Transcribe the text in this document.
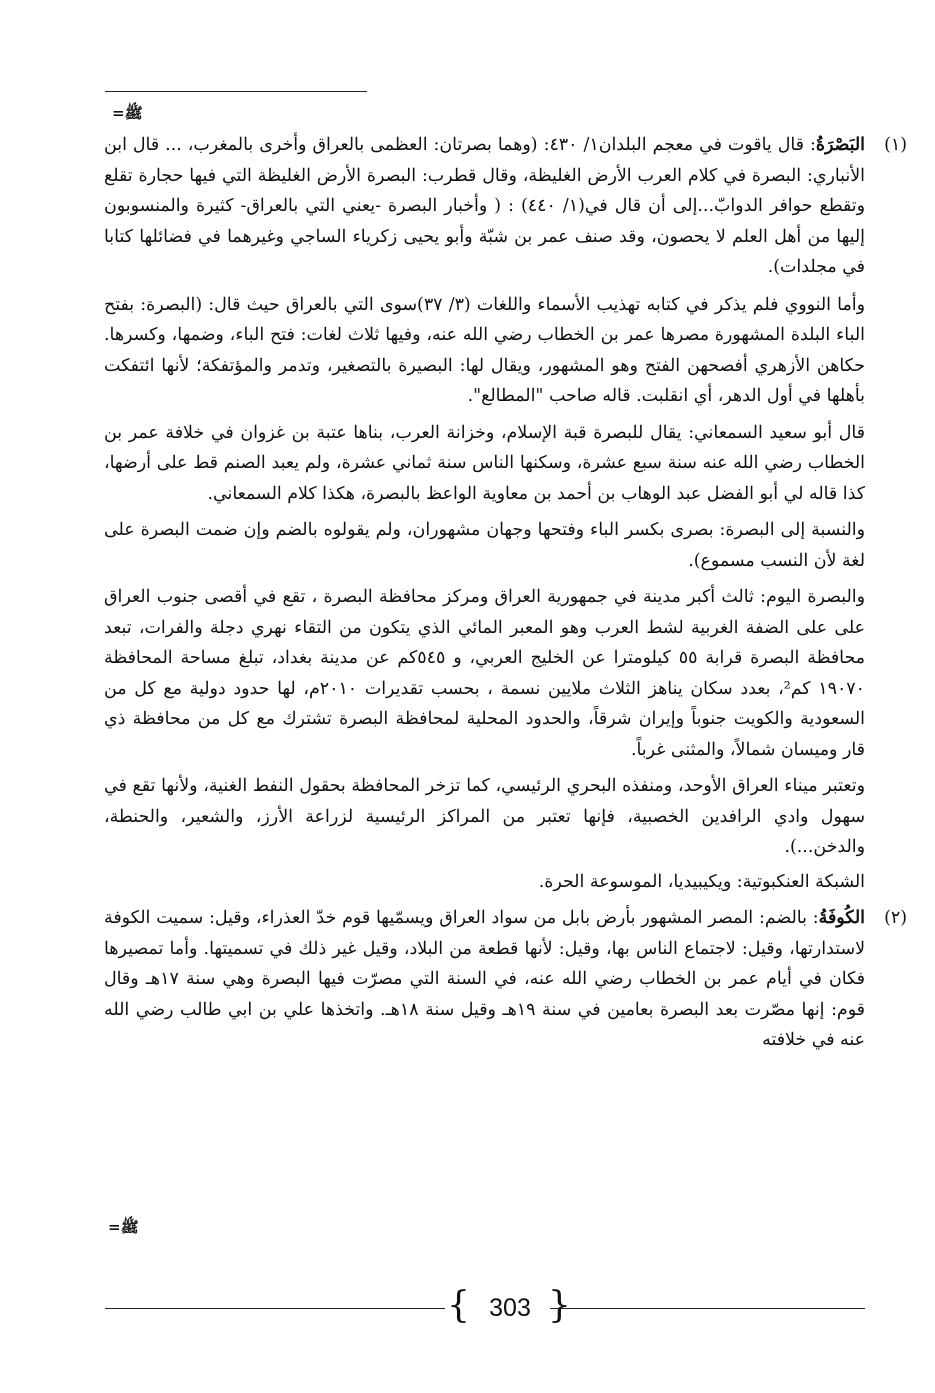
=ﷺ

(١)
البَصْرَةُ: قال ياقوت في معجم البلدان١/ ٤٣٠: (وهما بصرتان: العظمى بالعراق وأخرى بالمغرب، ... قال ابن الأنباري: البصرة في كلام العرب الأرض الغليظة، وقال قطرب: البصرة الأرض الغليظة التي فيها حجارة تقلع وتقطع حوافر الدوابّ...إلى أن قال في(١/ ٤٤٠) : ( وأخبار البصرة -يعني التي بالعراق- كثيرة والمنسوبون إليها من أهل العلم لا يحصون، وقد صنف عمر بن شبّة وأبو يحيى زكرياء الساجي وغيرهما في فضائلها كتابا في مجلدات).

وأما النووي فلم يذكر في كتابه تهذيب الأسماء واللغات (٣/ ٣٧)سوى التي بالعراق حيث قال: (البصرة: بفتح الباء البلدة المشهورة مصرها عمر بن الخطاب رضي الله عنه، وفيها ثلاث لغات: فتح الباء، وضمها، وكسرها. حكاهن الأزهري أفصحهن الفتح وهو المشهور، ويقال لها: البصيرة بالتصغير، وتدمر والمؤتفكة؛ لأنها ائتفكت بأهلها في أول الدهر، أي انقلبت. قاله صاحب "المطالع".

قال أبو سعيد السمعاني: يقال للبصرة قبة الإسلام، وخزانة العرب، بناها عتبة بن غزوان في خلافة عمر بن الخطاب رضي الله عنه سنة سبع عشرة، وسكنها الناس سنة ثماني عشرة، ولم يعبد الصنم قط على أرضها، كذا قاله لي أبو الفضل عبد الوهاب بن أحمد بن معاوية الواعظ بالبصرة، هكذا كلام السمعاني.

والنسبة إلى البصرة: بصرى بكسر الباء وفتحها وجهان مشهوران، ولم يقولوه بالضم وإن ضمت البصرة على لغة لأن النسب مسموع).

والبصرة اليوم: ثالث أكبر مدينة في جمهورية العراق ومركز محافظة البصرة ، تقع في أقصى جنوب العراق على على الضفة الغربية لشط العرب وهو المعبر المائي الذي يتكون من التقاء نهري دجلة والفرات، تبعد محافظة البصرة قرابة ٥٥ كيلومترا عن الخليج العربي، و ٥٤٥كم عن مدينة بغداد، تبلغ مساحة المحافظة ١٩٠٧٠ كم²، بعدد سكان يناهز الثلاث ملايين نسمة ، بحسب تقديرات ٢٠١٠م، لها حدود دولية مع كل من السعودية والكويت جنوباً وإيران شرقاً، والحدود المحلية لمحافظة البصرة تشترك مع كل من محافظة ذي قار وميسان شمالاً، والمثنى غرباً.

وتعتبر ميناء العراق الأوحد، ومنفذه البحري الرئيسي، كما تزخر المحافظة بحقول النفط الغنية، ولأنها تقع في سهول وادي الرافدين الخصبية، فإنها تعتبر من المراكز الرئيسية لزراعة الأرز، والشعير، والحنطة، والدخن...).

الشبكة العنكبوتية: ويكيبيديا، الموسوعة الحرة.

(٢)
الكُوفَةُ: بالضم: المصر المشهور بأرض بابل من سواد العراق ويسمّيها قوم خدّ العذراء، وقيل: سميت الكوفة لاستدارتها، وقيل: لاجتماع الناس بها، وقيل: لأنها قطعة من البلاد، وقيل غير ذلك في تسميتها. وأما تمصيرها فكان في أيام عمر بن الخطاب رضي الله عنه، في السنة التي مصرّت فيها البصرة وهي سنة ١٧هـ وقال قوم: إنها مصّرت بعد البصرة بعامين في سنة ١٩هـ وقيل سنة ١٨هـ. واتخذها علي بن ابي طالب رضي الله عنه في خلافته

=ﷺ
{ 303 }
